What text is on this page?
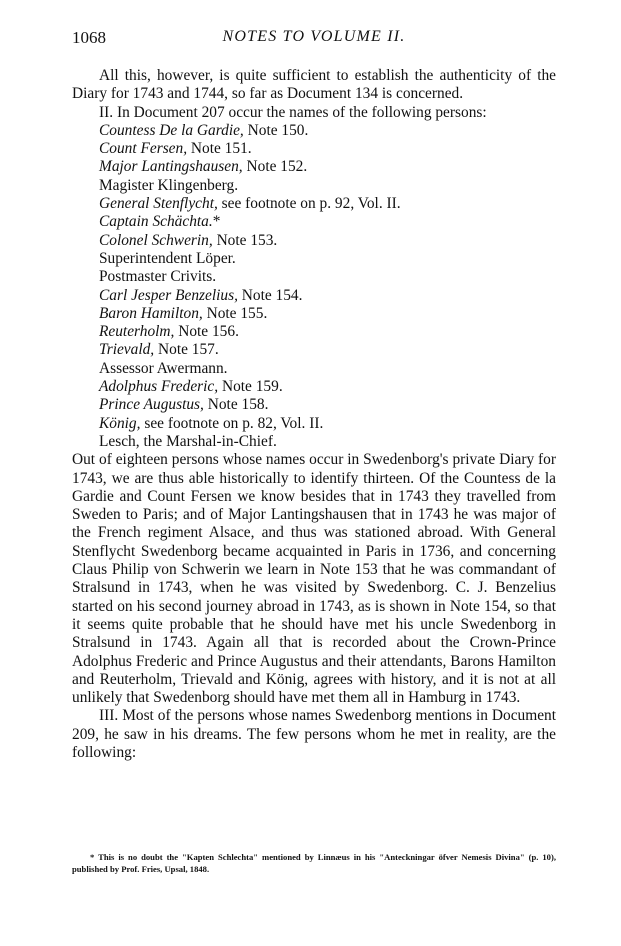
1068	NOTES TO VOLUME II.

All this, however, is quite sufficient to establish the authenticity of the Diary for 1743 and 1744, so far as Document 134 is concerned.

II. In Document 207 occur the names of the following persons:

Countess De la Gardie, Note 150.
Count Fersen, Note 151.
Major Lantingshausen, Note 152.
Magister Klingenberg.
General Stenflycht, see footnote on p. 92, Vol. II.
Captain Schächta.*
Colonel Schwerin, Note 153.
Superintendent Löper.
Postmaster Crivits.
Carl Jesper Benzelius, Note 154.
Baron Hamilton, Note 155.
Reuterholm, Note 156.
Trievald, Note 157.
Assessor Awermann.
Adolphus Frederic, Note 159.
Prince Augustus, Note 158.
König, see footnote on p. 82, Vol. II.
Lesch, the Marshal-in-Chief.

Out of eighteen persons whose names occur in Swedenborg's private Diary for 1743, we are thus able historically to identify thirteen. Of the Countess de la Gardie and Count Fersen we know besides that in 1743 they travelled from Sweden to Paris; and of Major Lantingshausen that in 1743 he was major of the French regiment Alsace, and thus was stationed abroad. With General Stenflycht Swedenborg became acquainted in Paris in 1736, and concerning Claus Philip von Schwerin we learn in Note 153 that he was commandant of Stralsund in 1743, when he was visited by Swedenborg. C. J. Benzelius started on his second journey abroad in 1743, as is shown in Note 154, so that it seems quite probable that he should have met his uncle Swedenborg in Stralsund in 1743. Again all that is recorded about the Crown-Prince Adolphus Frederic and Prince Augustus and their attendants, Barons Hamilton and Reuterholm, Trievald and König, agrees with history, and it is not at all unlikely that Swedenborg should have met them all in Hamburg in 1743.

III. Most of the persons whose names Swedenborg mentions in Document 209, he saw in his dreams. The few persons whom he met in reality, are the following:

* This is no doubt the "Kapten Schlechta" mentioned by Linnæus in his "Anteckningar öfver Nemesis Divina" (p. 10), published by Prof. Fries, Upsal, 1848.
